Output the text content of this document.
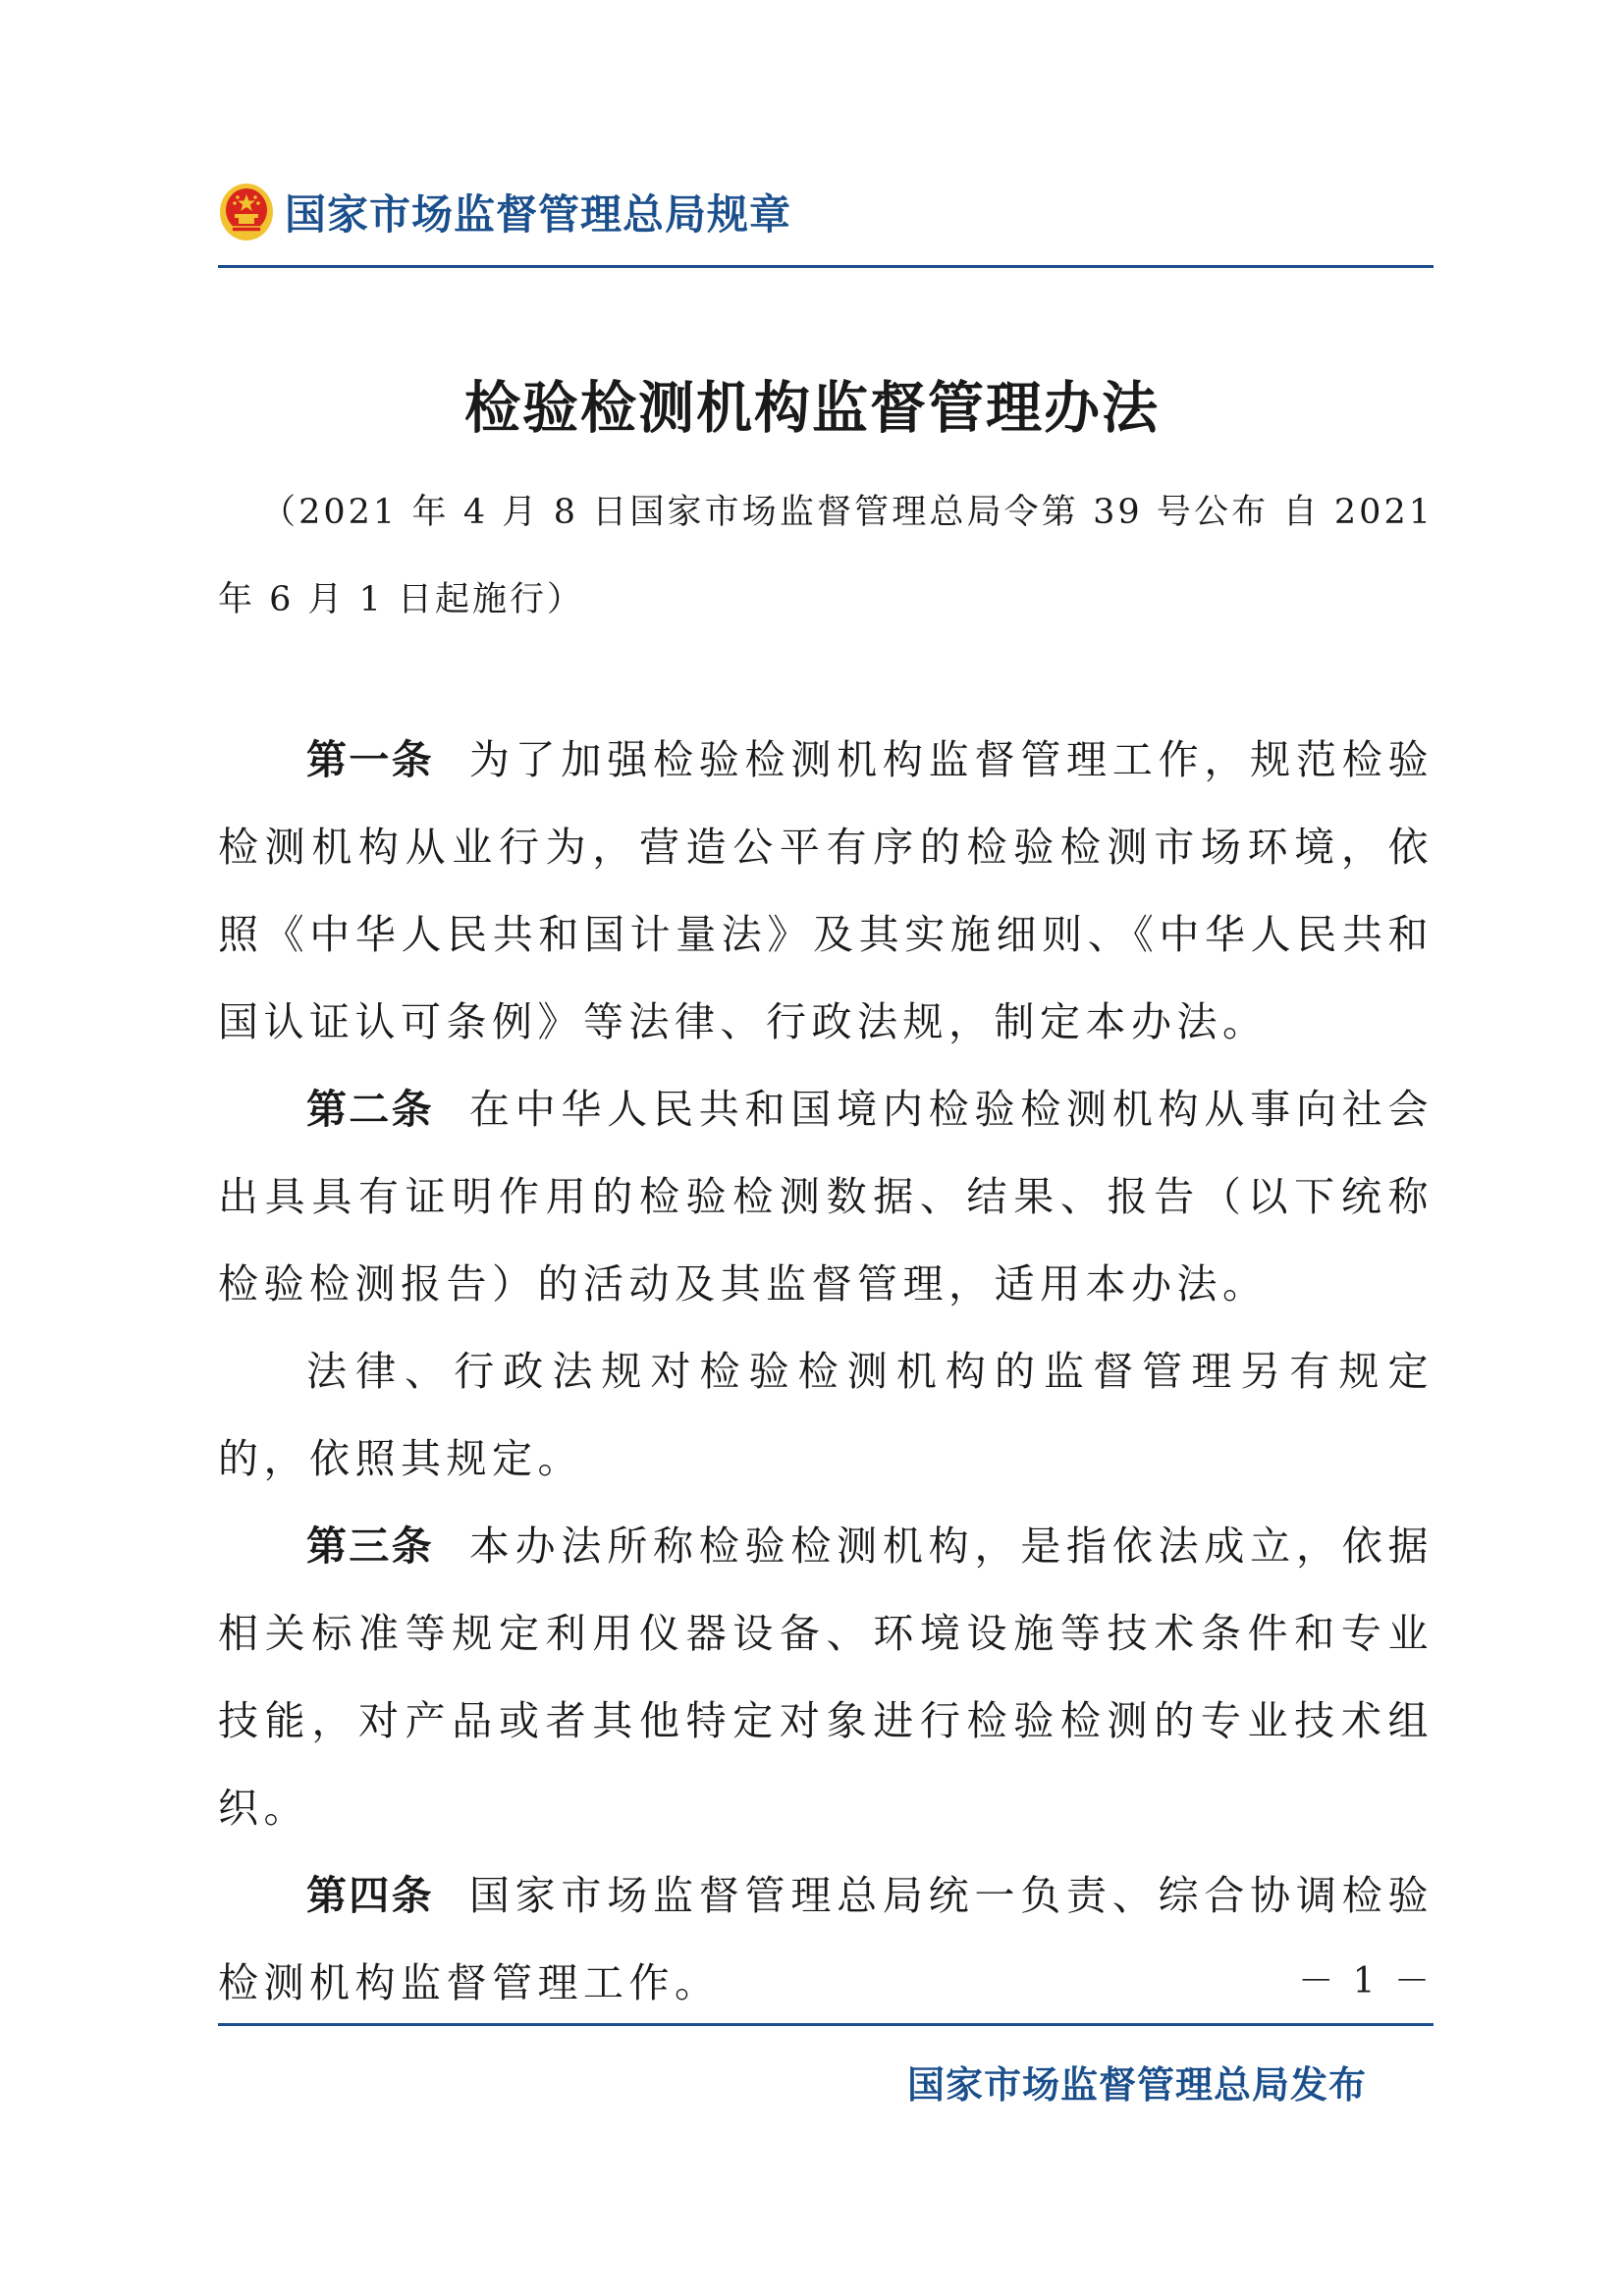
国家市场监督管理总局规章
检验检测机构监督管理办法
（2021 年 4 月 8 日国家市场监督管理总局令第 39 号公布 自 2021 年 6 月 1 日起施行）

第一条 为了加强检验检测机构监督管理工作，规范检验检测机构从业行为，营造公平有序的检验检测市场环境，依照《中华人民共和国计量法》及其实施细则、《中华人民共和国认证认可条例》等法律、行政法规，制定本办法。

第二条 在中华人民共和国境内检验检测机构从事向社会出具具有证明作用的检验检测数据、结果、报告（以下统称检验检测报告）的活动及其监督管理，适用本办法。

法律、行政法规对检验检测机构的监督管理另有规定的，依照其规定。

第三条 本办法所称检验检测机构，是指依法成立，依据相关标准等规定利用仪器设备、环境设施等技术条件和专业技能，对产品或者其他特定对象进行检验检测的专业技术组织。

第四条 国家市场监督管理总局统一负责、综合协调检验检测机构监督管理工作。	－ 1 －
国家市场监督管理总局发布
